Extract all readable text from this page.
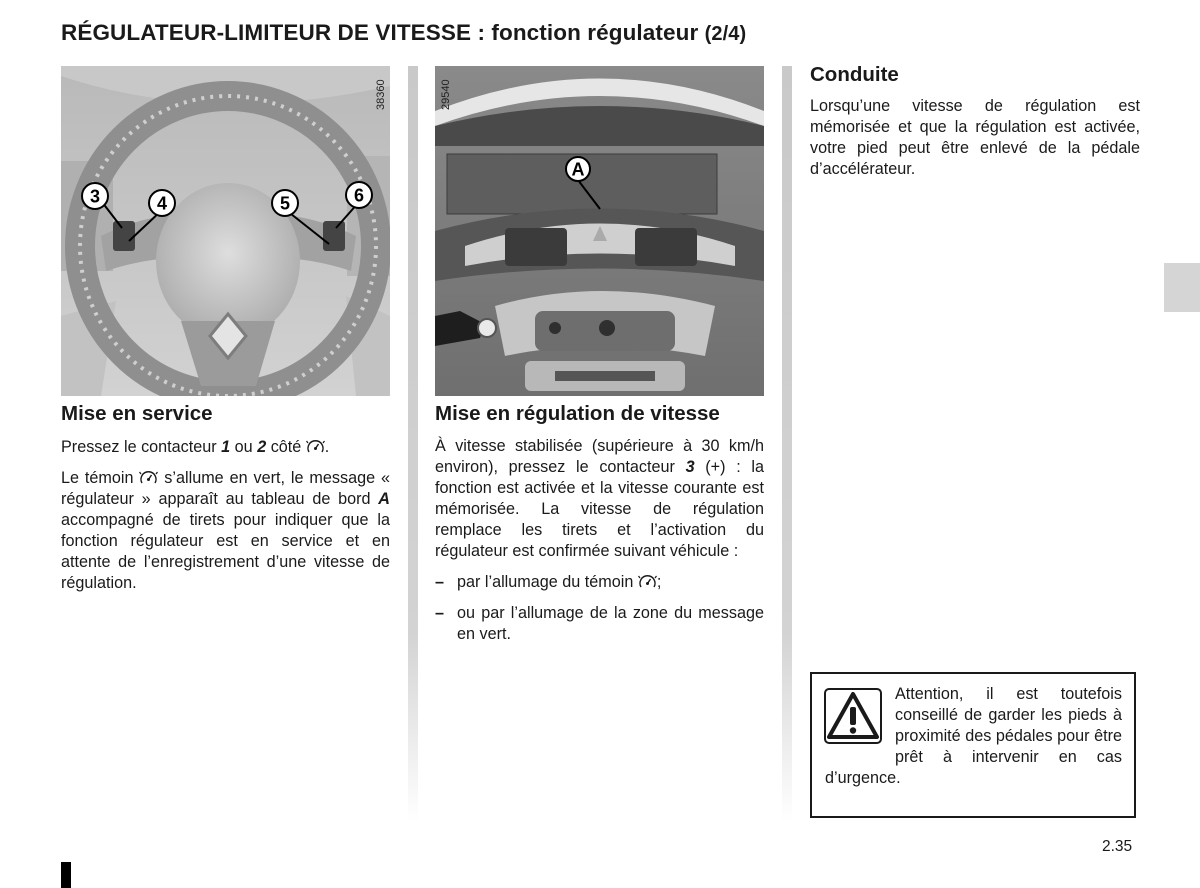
RÉGULATEUR-LIMITEUR DE VITESSE : fonction régulateur (2/4)
3	4	5	6
38360
A
29540
Mise en service

Pressez le contacteur 1 ou 2 côté
.

Le témoin
s’allume en vert, le message « régulateur » apparaît au tableau de bord A accompagné de tirets pour indiquer que la fonction régulateur est en service et en attente de l’enregistrement d’une vitesse de régulation.

Mise en régulation de vitesse

À vitesse stabilisée (supérieure à 30 km/h environ), pressez le contacteur 3 (+) : la fonction est activée et la vitesse courante est mémorisée. La vitesse de régulation remplace les tirets et l’activation du régulateur est confirmée suivant véhicule :

– par l’allumage du témoin
;
– ou par l’allumage de la zone du message en vert.
Conduite
Lorsqu’une vitesse de régulation est mémorisée et que la régulation est activée, votre pied peut être enlevé de la pédale d’accélérateur.
Attention, il est toutefois conseillé de garder les pieds à proximité des pédales pour être prêt à intervenir en cas d’urgence.
2.35
